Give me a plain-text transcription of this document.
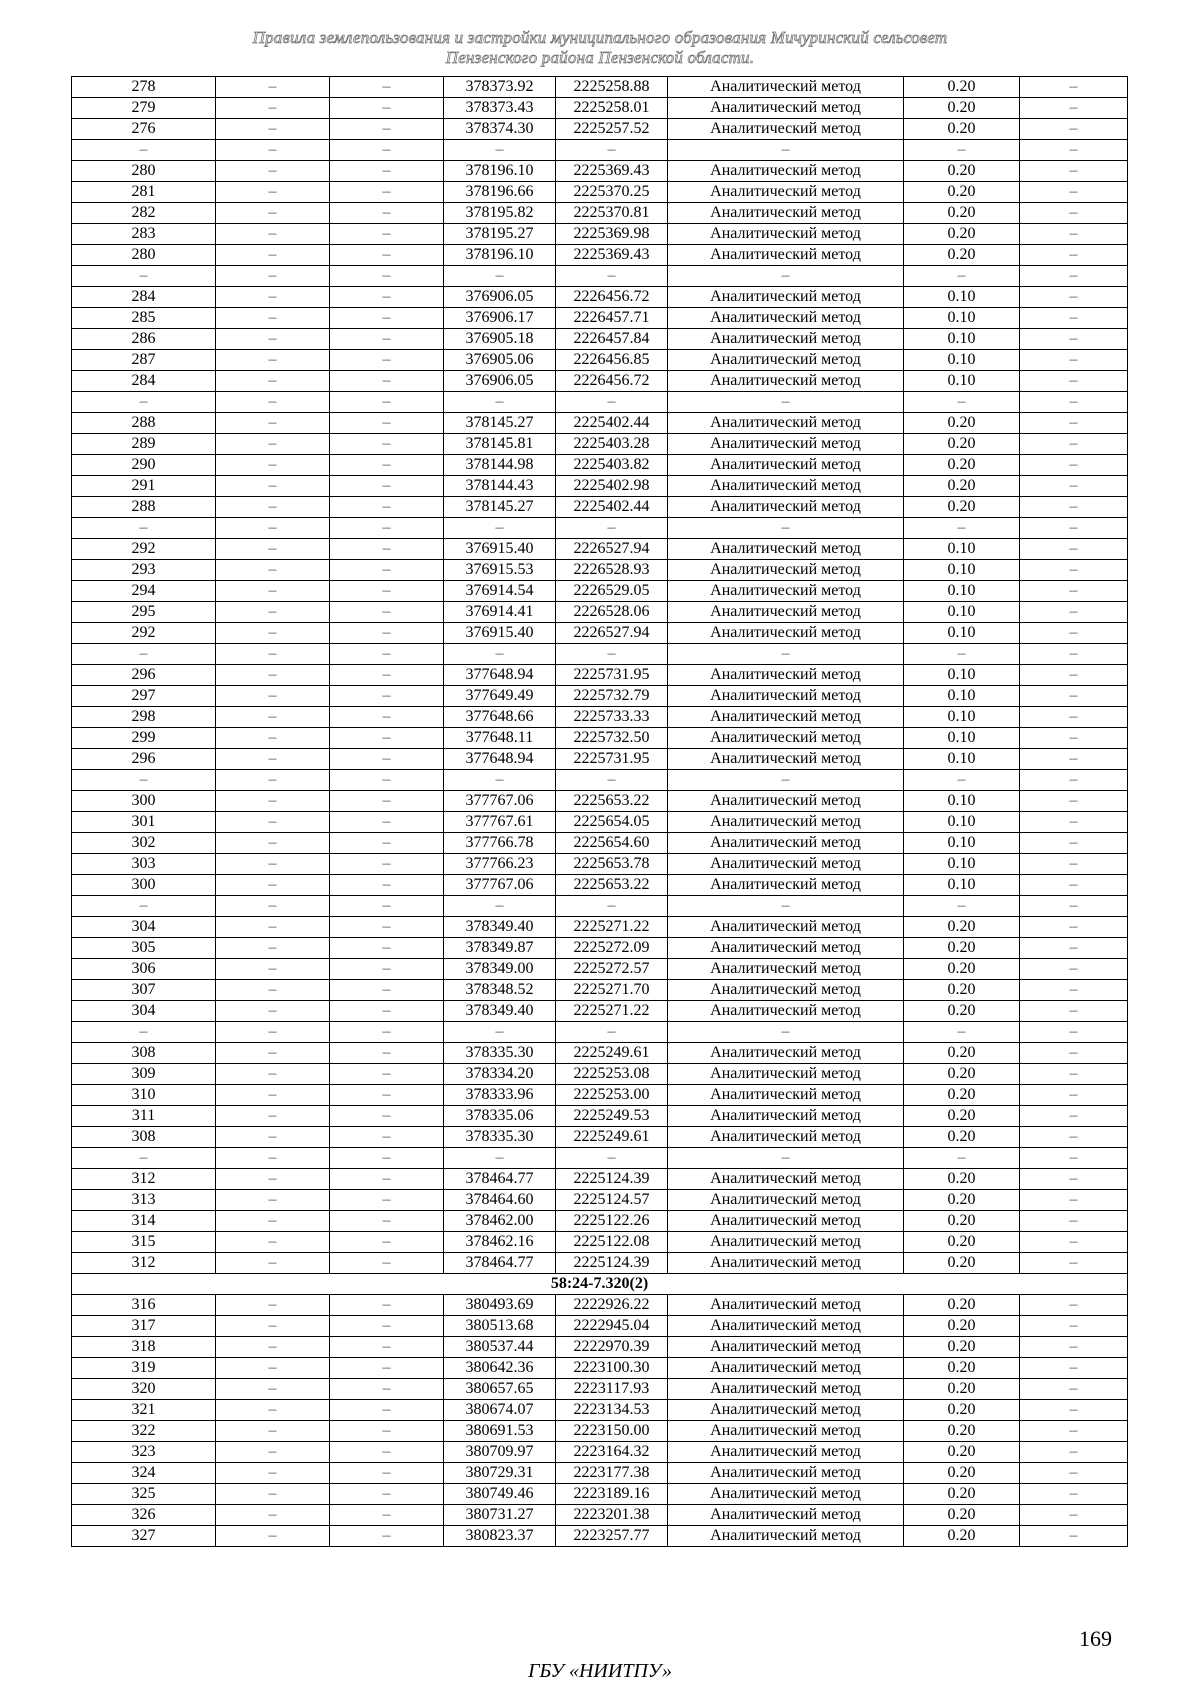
Правила землепользования и застройки муниципального образования Мичуринский сельсовет
Пензенского района Пензенской области.
278	–	–	378373.92	2225258.88	Аналитический метод	0.20	–
279	–	–	378373.43	2225258.01	Аналитический метод	0.20	–
276	–	–	378374.30	2225257.52	Аналитический метод	0.20	–
–	–	–	–	–	–	–	–
280	–	–	378196.10	2225369.43	Аналитический метод	0.20	–
281	–	–	378196.66	2225370.25	Аналитический метод	0.20	–
282	–	–	378195.82	2225370.81	Аналитический метод	0.20	–
283	–	–	378195.27	2225369.98	Аналитический метод	0.20	–
280	–	–	378196.10	2225369.43	Аналитический метод	0.20	–
–	–	–	–	–	–	–	–
284	–	–	376906.05	2226456.72	Аналитический метод	0.10	–
285	–	–	376906.17	2226457.71	Аналитический метод	0.10	–
286	–	–	376905.18	2226457.84	Аналитический метод	0.10	–
287	–	–	376905.06	2226456.85	Аналитический метод	0.10	–
284	–	–	376906.05	2226456.72	Аналитический метод	0.10	–
–	–	–	–	–	–	–	–
288	–	–	378145.27	2225402.44	Аналитический метод	0.20	–
289	–	–	378145.81	2225403.28	Аналитический метод	0.20	–
290	–	–	378144.98	2225403.82	Аналитический метод	0.20	–
291	–	–	378144.43	2225402.98	Аналитический метод	0.20	–
288	–	–	378145.27	2225402.44	Аналитический метод	0.20	–
–	–	–	–	–	–	–	–
292	–	–	376915.40	2226527.94	Аналитический метод	0.10	–
293	–	–	376915.53	2226528.93	Аналитический метод	0.10	–
294	–	–	376914.54	2226529.05	Аналитический метод	0.10	–
295	–	–	376914.41	2226528.06	Аналитический метод	0.10	–
292	–	–	376915.40	2226527.94	Аналитический метод	0.10	–
–	–	–	–	–	–	–	–
296	–	–	377648.94	2225731.95	Аналитический метод	0.10	–
297	–	–	377649.49	2225732.79	Аналитический метод	0.10	–
298	–	–	377648.66	2225733.33	Аналитический метод	0.10	–
299	–	–	377648.11	2225732.50	Аналитический метод	0.10	–
296	–	–	377648.94	2225731.95	Аналитический метод	0.10	–
–	–	–	–	–	–	–	–
300	–	–	377767.06	2225653.22	Аналитический метод	0.10	–
301	–	–	377767.61	2225654.05	Аналитический метод	0.10	–
302	–	–	377766.78	2225654.60	Аналитический метод	0.10	–
303	–	–	377766.23	2225653.78	Аналитический метод	0.10	–
300	–	–	377767.06	2225653.22	Аналитический метод	0.10	–
–	–	–	–	–	–	–	–
304	–	–	378349.40	2225271.22	Аналитический метод	0.20	–
305	–	–	378349.87	2225272.09	Аналитический метод	0.20	–
306	–	–	378349.00	2225272.57	Аналитический метод	0.20	–
307	–	–	378348.52	2225271.70	Аналитический метод	0.20	–
304	–	–	378349.40	2225271.22	Аналитический метод	0.20	–
–	–	–	–	–	–	–	–
308	–	–	378335.30	2225249.61	Аналитический метод	0.20	–
309	–	–	378334.20	2225253.08	Аналитический метод	0.20	–
310	–	–	378333.96	2225253.00	Аналитический метод	0.20	–
311	–	–	378335.06	2225249.53	Аналитический метод	0.20	–
308	–	–	378335.30	2225249.61	Аналитический метод	0.20	–
–	–	–	–	–	–	–	–
312	–	–	378464.77	2225124.39	Аналитический метод	0.20	–
313	–	–	378464.60	2225124.57	Аналитический метод	0.20	–
314	–	–	378462.00	2225122.26	Аналитический метод	0.20	–
315	–	–	378462.16	2225122.08	Аналитический метод	0.20	–
312	–	–	378464.77	2225124.39	Аналитический метод	0.20	–
58:24-7.320(2)							
316	–	–	380493.69	2222926.22	Аналитический метод	0.20	–
317	–	–	380513.68	2222945.04	Аналитический метод	0.20	–
318	–	–	380537.44	2222970.39	Аналитический метод	0.20	–
319	–	–	380642.36	2223100.30	Аналитический метод	0.20	–
320	–	–	380657.65	2223117.93	Аналитический метод	0.20	–
321	–	–	380674.07	2223134.53	Аналитический метод	0.20	–
322	–	–	380691.53	2223150.00	Аналитический метод	0.20	–
323	–	–	380709.97	2223164.32	Аналитический метод	0.20	–
324	–	–	380729.31	2223177.38	Аналитический метод	0.20	–
325	–	–	380749.46	2223189.16	Аналитический метод	0.20	–
326	–	–	380731.27	2223201.38	Аналитический метод	0.20	–
327	–	–	380823.37	2223257.77	Аналитический метод	0.20	–
169
ГБУ «НИИТПУ»
